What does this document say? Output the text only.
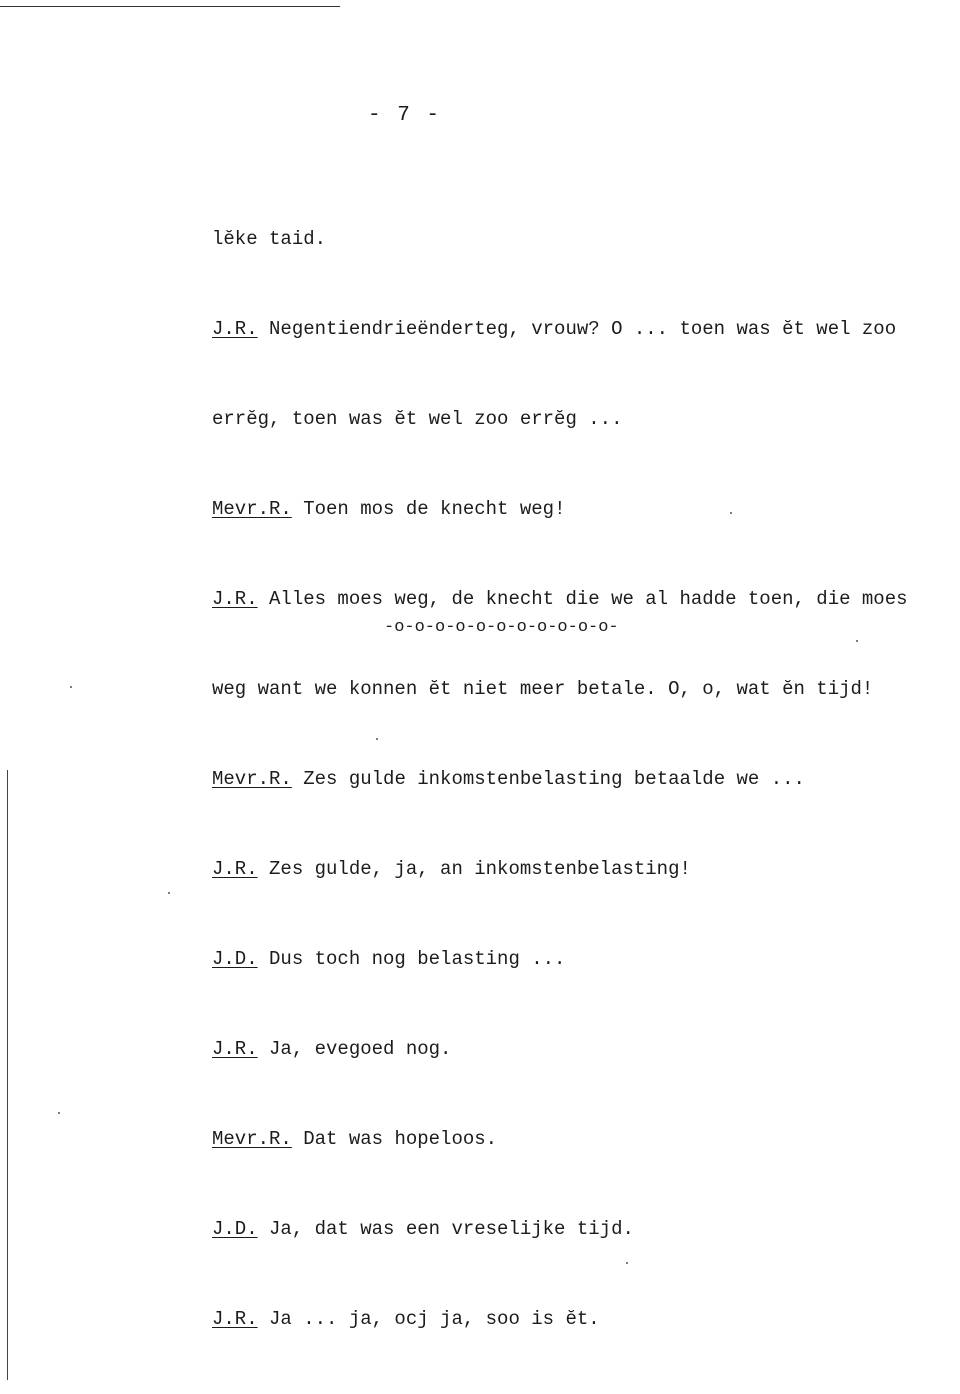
- 7 -

lĕke taid.

J.R. Negentiendrieënderteg, vrouw? O ... toen was ĕt wel zoo

errĕg, toen was ĕt wel zoo errĕg ...

Mevr.R. Toen mos de knecht weg!

J.R. Alles moes weg, de knecht die we al hadde toen, die moes

weg want we konnen ĕt niet meer betale. O, o, wat ĕn tijd!

Mevr.R. Zes gulde inkomstenbelasting betaalde we ...

J.R. Zes gulde, ja, an inkomstenbelasting!

J.D. Dus toch nog belasting ...

J.R. Ja, evegoed nog.

Mevr.R. Dat was hopeloos.

J.D. Ja, dat was een vreselijke tijd.

J.R. Ja ... ja, ocj ja, soo is ĕt.

-o-o-o-o-o-o-o-o-o-o-o-
